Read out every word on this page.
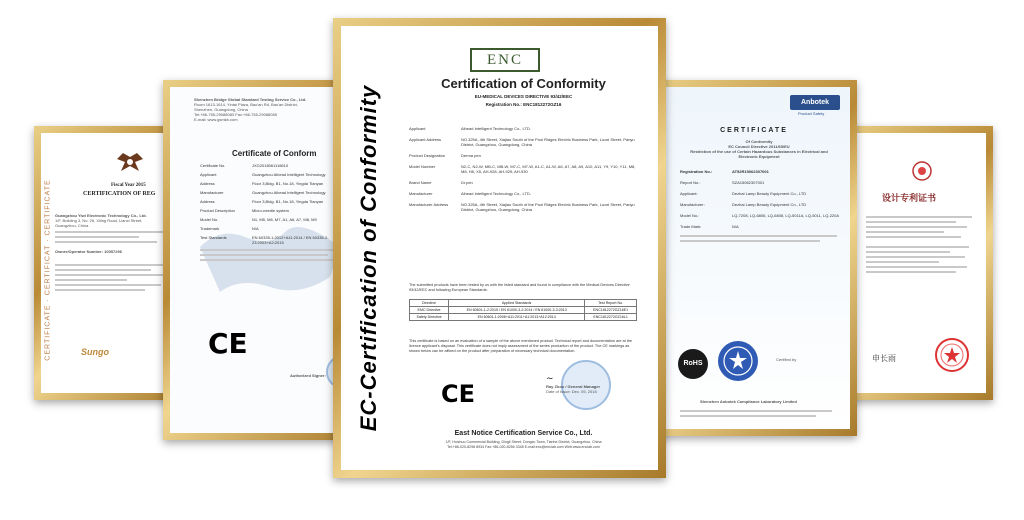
CERTIFICATE · CERTIFICAT · CERTIFICATE	Fiscal Year 2015
CERTIFICATION OF REG
Guangzhou Yiwi Electronic Technology Co., Ltd.
1/F, Building 3, No. 26, Xiling Road, Lianxi Street,
Guangzhou, China
Owner/Operator Number: 10057296
Sungo
设计专利证书
申长雨
Shenzhen Bridge Global Standard Testing Service Co., Ltd.
Room 1613-1614, Yintai Plaza, Bao'an Rd, Bao'an District,
Shenzhen, Guangdong, China
Tel:+86-755-29088083 Fax:+86-755-29088085
E-mail: www.gsmkb.com
Certificate of Conform
Certificate No.	JXG2018061116610
Applicant	Guangzhou Aihead Intelligent Technology
Address	Floor 3,Bldg. B1, No.18, Yingda Tianyan
Manufacturer	Guangzhou Aihead Intelligent Technology
Address	Floor 3,Bldg. B1, No.18, Yingda Tianyan
Product Description	Micro-needle system
Model No.	N1, M5, M6, M7, A1, A6, A7, M8, M9
Trademark	N/A
Test Standards	EN 60335-1:2012+A11:2014 / EN 60335-2-23:2003+A2:2015
CE
Authorized Signer:
Anbotek
Product Safety
CERTIFICATE
Of Conformity
EC Council Directive 2011/65/EU
Restriction of the use of Certain Hazardous Substances in Electrical and Electronic Equipment
Registration No.:	AT52R15062307001
Report No.:	SZA15062307001
Applicant:	Dezhai Lamp Beauty Equipment Co., LTD
Manufacturer:	Dezhai Lamp Beauty Equipment Co., LTD
Model No.:	LQ-7208, LQ-6806, LQ-6808, LQ-5011A, LQ-5011, LQ-220A
Trade Mark:	N/A
RoHS
Certified by
Shenzhen Anbotek Compliance Laboratory Limited
ENC
EC-Certification of Conformity
Certification of Conformity
EU-MEDICAL DEVICES DIRECTIVE 93/42/EEC
Registration No.: ENC1812272GZ16
Applicant	Aihead Intelligent Technology Co., LTD.
Applicant Address	NO.325A, 4th Street, Xiajiao South of the Pool Ridges Electric Business Park, Luoxi Street, Panyu District, Guangzhou, Guangdong, China
Product Designation	Derma pen
Model Number	N2-C, N2-W, MB-C, MB-W, M7-C, M7-W, A1-C, A1-W, A6, A7, A8, A9, A10, A11, Y9, Y10, Y11, M8, M8, H8, X5, AH-928, AH-929, AH-930
Brand Name	Dr.pen
Manufacturer	Aihead Intelligent Technology Co., LTD.
Manufacturer Address	NO.325A, 4th Street, Xiajiao South of the Pool Ridges Electric Business Park, Luoxi Street, Panyu District, Guangzhou, Guangdong, China
The submitted products have been tested by us with the listed standard and found in compliance with the Medical Devices Directive 93/42/EEC and following European Standards:
Directive	Applied Standards	Test Report No.
EMC Directive	EN 60601-1-2:2015 / EN 61000-3-2:2014 / EN 61000-3-3:2013	ENC1812272GZ16E1
Safety Directive	EN 60601-1:2006+A11:2011+A1:2013+A12:2014	ENC1812272GZ16L1
This certificate is based on an evaluation of a sample of the above mentioned product. Technical report and documentation are at the licence applicant's disposal. This certificate does not imply assessment of the series production of the product. The CE markings as shown below can be affixed on the product after preparation of necessary technical documentation.
CE
~
Ray Zhou / General Manager
Date of Issue: Dec. 05, 2018
East Notice Certification Service Co., Ltd.
1/F, Huizhuo Commercial Building, Dingli Street, Dongxu Town, Tianhe District, Guangzhou, China
Tel:+86-020-8298 8934 Fax:+86-020-8256 3348 E-mail:enc@enclab.com Web:www.enclab.com
